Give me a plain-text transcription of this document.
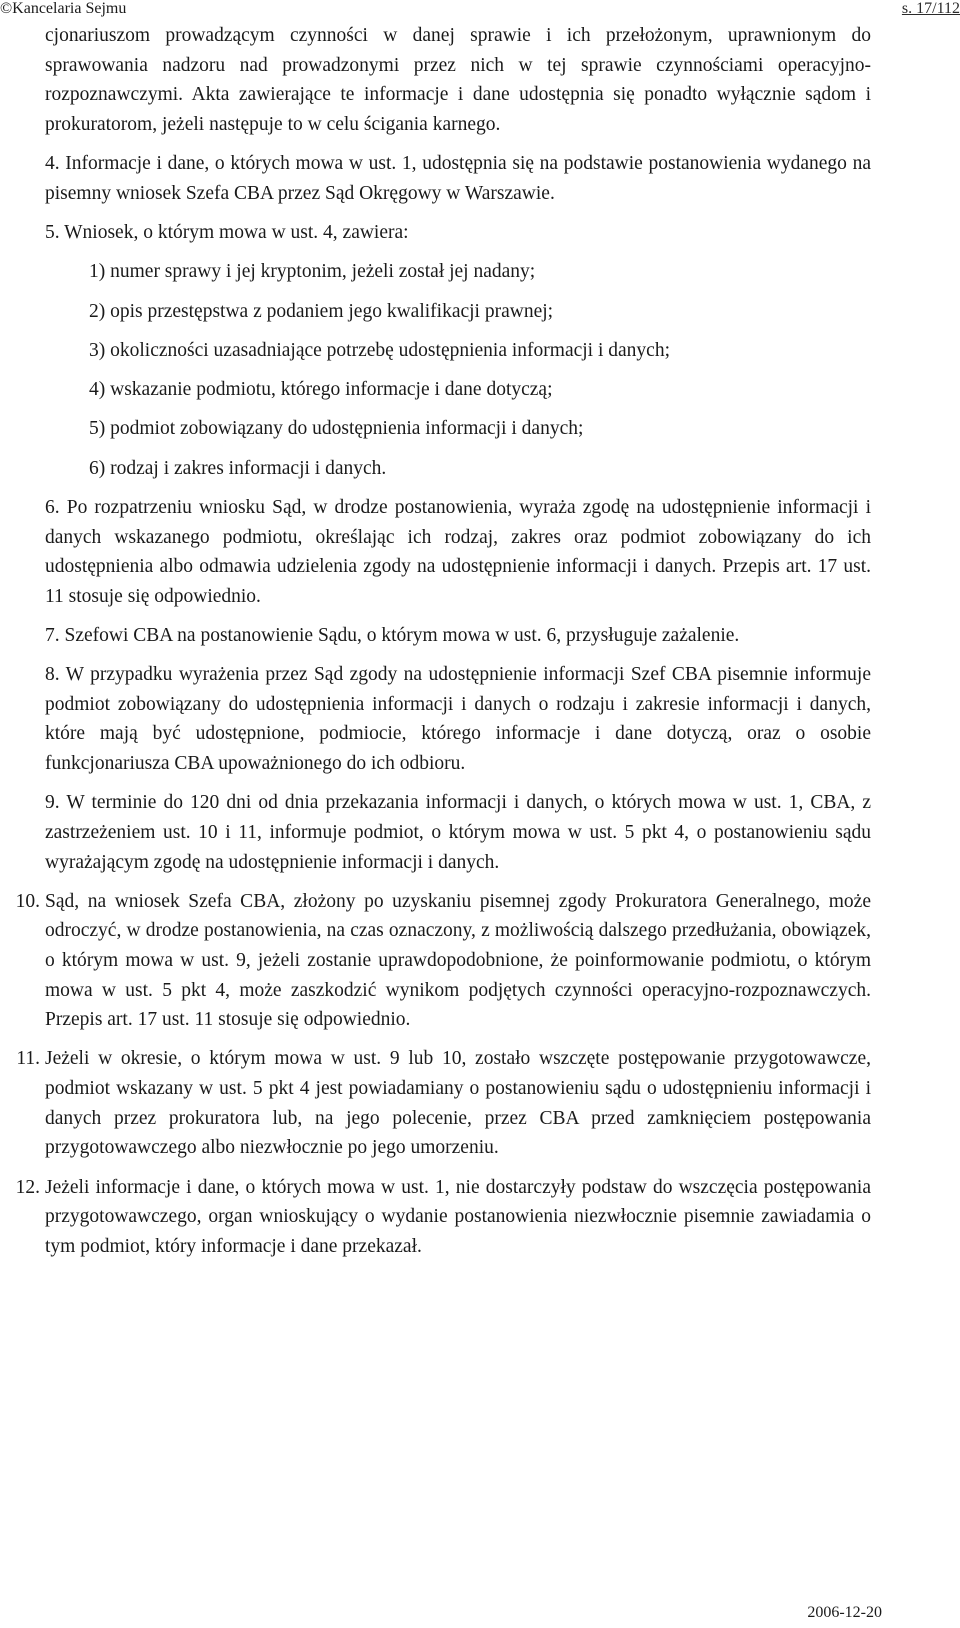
©Kancelaria Sejmu	s. 17/112

cjonariuszom prowadzącym czynności w danej sprawie i ich przełożonym, uprawnionym do sprawowania nadzoru nad prowadzonymi przez nich w tej sprawie czynnościami operacyjno-rozpoznawczymi. Akta zawierające te informacje i dane udostępnia się ponadto wyłącznie sądom i prokuratorom, jeżeli następuje to w celu ścigania karnego.

4. Informacje i dane, o których mowa w ust. 1, udostępnia się na podstawie postanowienia wydanego na pisemny wniosek Szefa CBA przez Sąd Okręgowy w Warszawie.

5. Wniosek, o którym mowa w ust. 4, zawiera:

1) numer sprawy i jej kryptonim, jeżeli został jej nadany;

2) opis przestępstwa z podaniem jego kwalifikacji prawnej;

3) okoliczności uzasadniające potrzebę udostępnienia informacji i danych;

4) wskazanie podmiotu, którego informacje i dane dotyczą;

5) podmiot zobowiązany do udostępnienia informacji i danych;

6) rodzaj i zakres informacji i danych.

6. Po rozpatrzeniu wniosku Sąd, w drodze postanowienia, wyraża zgodę na udostępnienie informacji i danych wskazanego podmiotu, określając ich rodzaj, zakres oraz podmiot zobowiązany do ich udostępnienia albo odmawia udzielenia zgody na udostępnienie informacji i danych. Przepis art. 17 ust. 11 stosuje się odpowiednio.

7. Szefowi CBA na postanowienie Sądu, o którym mowa w ust. 6, przysługuje zażalenie.

8. W przypadku wyrażenia przez Sąd zgody na udostępnienie informacji Szef CBA pisemnie informuje podmiot zobowiązany do udostępnienia informacji i danych o rodzaju i zakresie informacji i danych, które mają być udostępnione, podmiocie, którego informacje i dane dotyczą, oraz o osobie funkcjonariusza CBA upoważnionego do ich odbioru.

9. W terminie do 120 dni od dnia przekazania informacji i danych, o których mowa w ust. 1, CBA, z zastrzeżeniem ust. 10 i 11, informuje podmiot, o którym mowa w ust. 5 pkt 4, o postanowieniu sądu wyrażającym zgodę na udostępnienie informacji i danych.

10. Sąd, na wniosek Szefa CBA, złożony po uzyskaniu pisemnej zgody Prokuratora Generalnego, może odroczyć, w drodze postanowienia, na czas oznaczony, z możliwością dalszego przedłużania, obowiązek, o którym mowa w ust. 9, jeżeli zostanie uprawdopodobnione, że poinformowanie podmiotu, o którym mowa w ust. 5 pkt 4, może zaszkodzić wynikom podjętych czynności operacyjno-rozpoznawczych. Przepis art. 17 ust. 11 stosuje się odpowiednio.

11. Jeżeli w okresie, o którym mowa w ust. 9 lub 10, zostało wszczęte postępowanie przygotowawcze, podmiot wskazany w ust. 5 pkt 4 jest powiadamiany o postanowieniu sądu o udostępnieniu informacji i danych przez prokuratora lub, na jego polecenie, przez CBA przed zamknięciem postępowania przygotowawczego albo niezwłocznie po jego umorzeniu.

12. Jeżeli informacje i dane, o których mowa w ust. 1, nie dostarczyły podstaw do wszczęcia postępowania przygotowawczego, organ wnioskujący o wydanie postanowienia niezwłocznie pisemnie zawiadamia o tym podmiot, który informacje i dane przekazał.

2006-12-20
